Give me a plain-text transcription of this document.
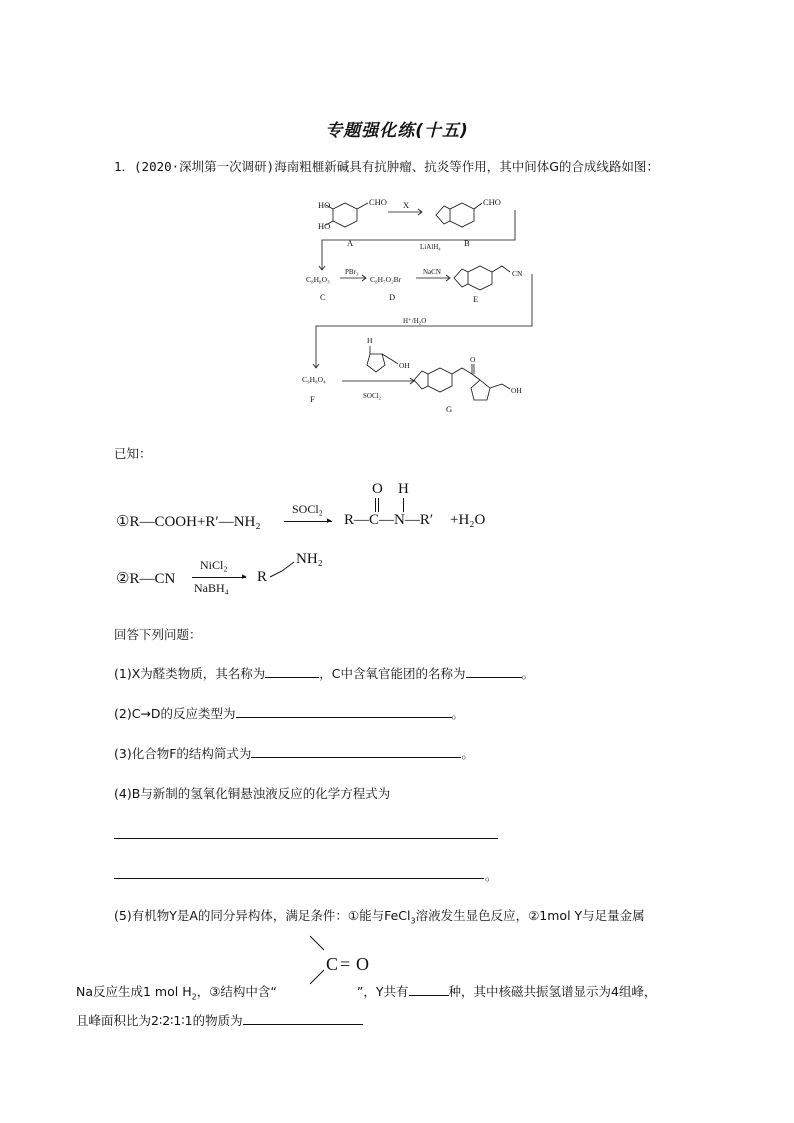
专题强化练(十五)
1．(2020·深圳第一次调研)海南粗榧新碱具有抗肿瘤、抗炎等作用，其中间体G的合成线路如图：
HO
HO
CHO
A
X	CHO
B
LiAlH₄
C₈H₈O₃
C
PBr₃
C₈H₇O₂Br
D
NaCN	CN
E
H⁺/H₂O
H
OH
C₉H₈O₄
F	SOCl₂
O
OH
G
已知：
①R—COOH+R′—NH₂
SOCl₂
▸ R—C—N—R′
O H
+H₂O
②R—CN
NiCl₂
▸
NaBH₄
R
NH₂
回答下列问题：
(1)X为醛类物质，其名称为	，C中含氧官能团的名称为	。
(2)C→D的反应类型为	。
(3)化合物F的结构简式为	。
(4)B与新制的氢氧化铜悬浊液反应的化学方程式为
。
(5)有机物Y是A的同分异构体，满足条件：①能与FeCl$_3$溶液发生显色反应，②1mol Y与足量金属
C = O
Na反应生成1 mol $H_2$，③结构中含“	”，Y共有	种，其中核磁共振氢谱显示为4组峰，
且峰面积比为2∶2∶1∶1的物质为
